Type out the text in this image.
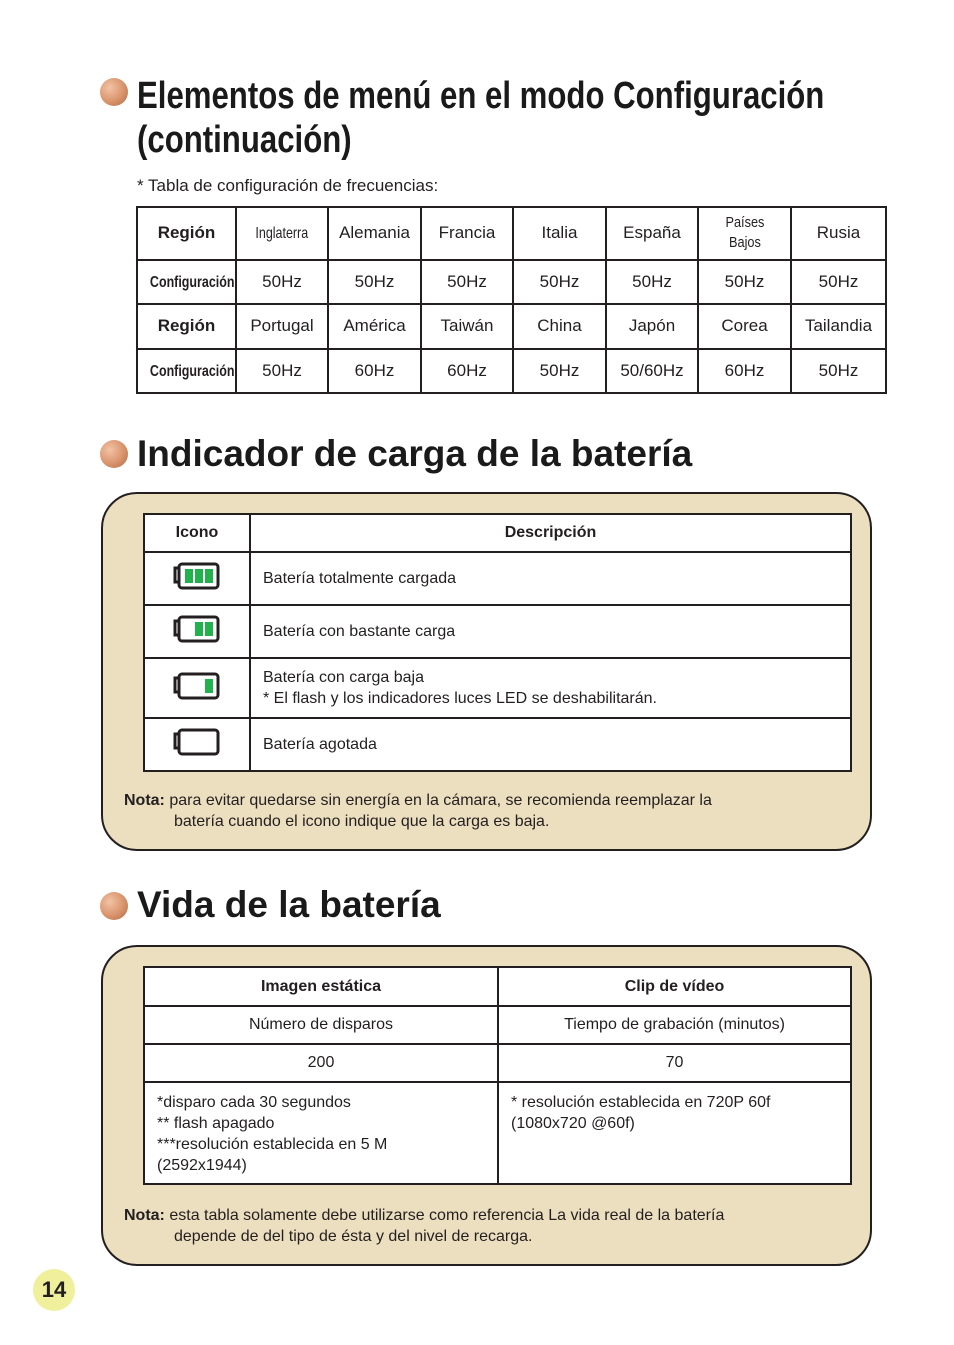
Elementos de menú en el modo Configuración
(continuación)
* Tabla de configuración de frecuencias:
Región	Inglaterra	Alemania	Francia	Italia	España	Países
Bajos	Rusia
Configuración	50Hz	50Hz	50Hz	50Hz	50Hz	50Hz	50Hz
Región	Portugal	América	Taiwán	China	Japón	Corea	Tailandia
Configuración	50Hz	60Hz	60Hz	50Hz	50/60Hz	60Hz	50Hz
Indicador de carga de la batería
Icono	Descripción
	Batería totalmente cargada
	Batería con bastante carga
	Batería con carga baja
* El flash y los indicadores luces LED se deshabilitarán.
	Batería agotada
Nota: para evitar quedarse sin energía en la cámara, se recomienda reemplazar la
batería cuando el icono indique que la carga es baja.
Vida de la batería
Imagen estática	Clip de vídeo
Número de disparos	Tiempo de grabación (minutos)
200	70
*disparo cada 30 segundos
** flash apagado
***resolución establecida en 5 M
(2592x1944)	* resolución establecida en 720P 60f
(1080x720 @60f)
Nota: esta tabla solamente debe utilizarse como referencia La vida real de la batería
depende de del tipo de ésta y del nivel de recarga.
14
